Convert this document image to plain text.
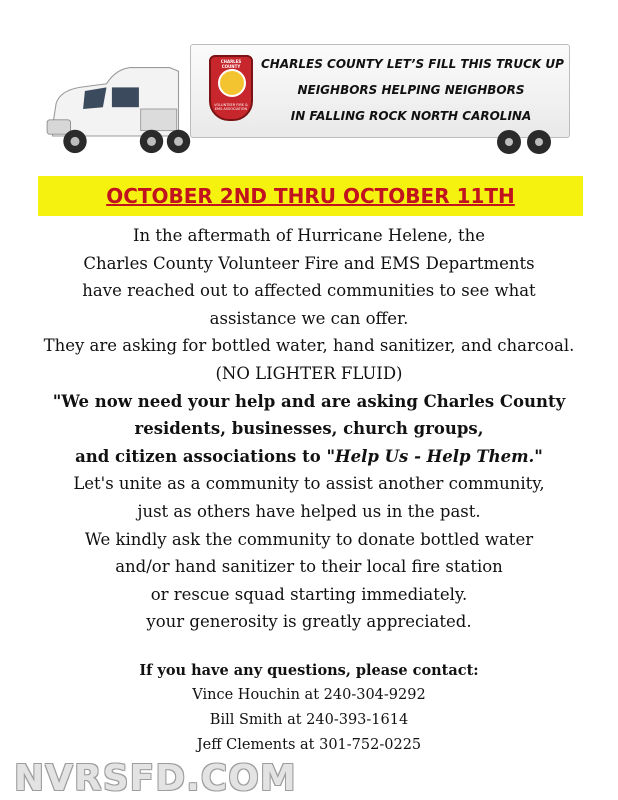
CHARLES COUNTY
VOLUNTEER FIRE & EMS ASSOCIATION
CHARLES COUNTY LET’S FILL THIS TRUCK UP
NEIGHBORS HELPING NEIGHBORS
IN FALLING ROCK NORTH CAROLINA
OCTOBER 2ND THRU OCTOBER 11TH
In the aftermath of Hurricane Helene, the
Charles County Volunteer Fire and EMS Departments
have reached out to affected communities to see what
assistance we can offer.
They are asking for bottled water, hand sanitizer, and charcoal.
(NO LIGHTER FLUID)
"We now need your help and are asking Charles County
residents, businesses, church groups,
and citizen associations to "Help Us - Help Them."
Let's unite as a community to assist another community,
just as others have helped us in the past.
We kindly ask the community to donate bottled water
and/or hand sanitizer to their local fire station
or rescue squad starting immediately.
your generosity is greatly appreciated.
If you have any questions, please contact:
Vince Houchin at 240-304-9292
Bill Smith at 240-393-1614
Jeff Clements at 301-752-0225
NVRSFD.COM
